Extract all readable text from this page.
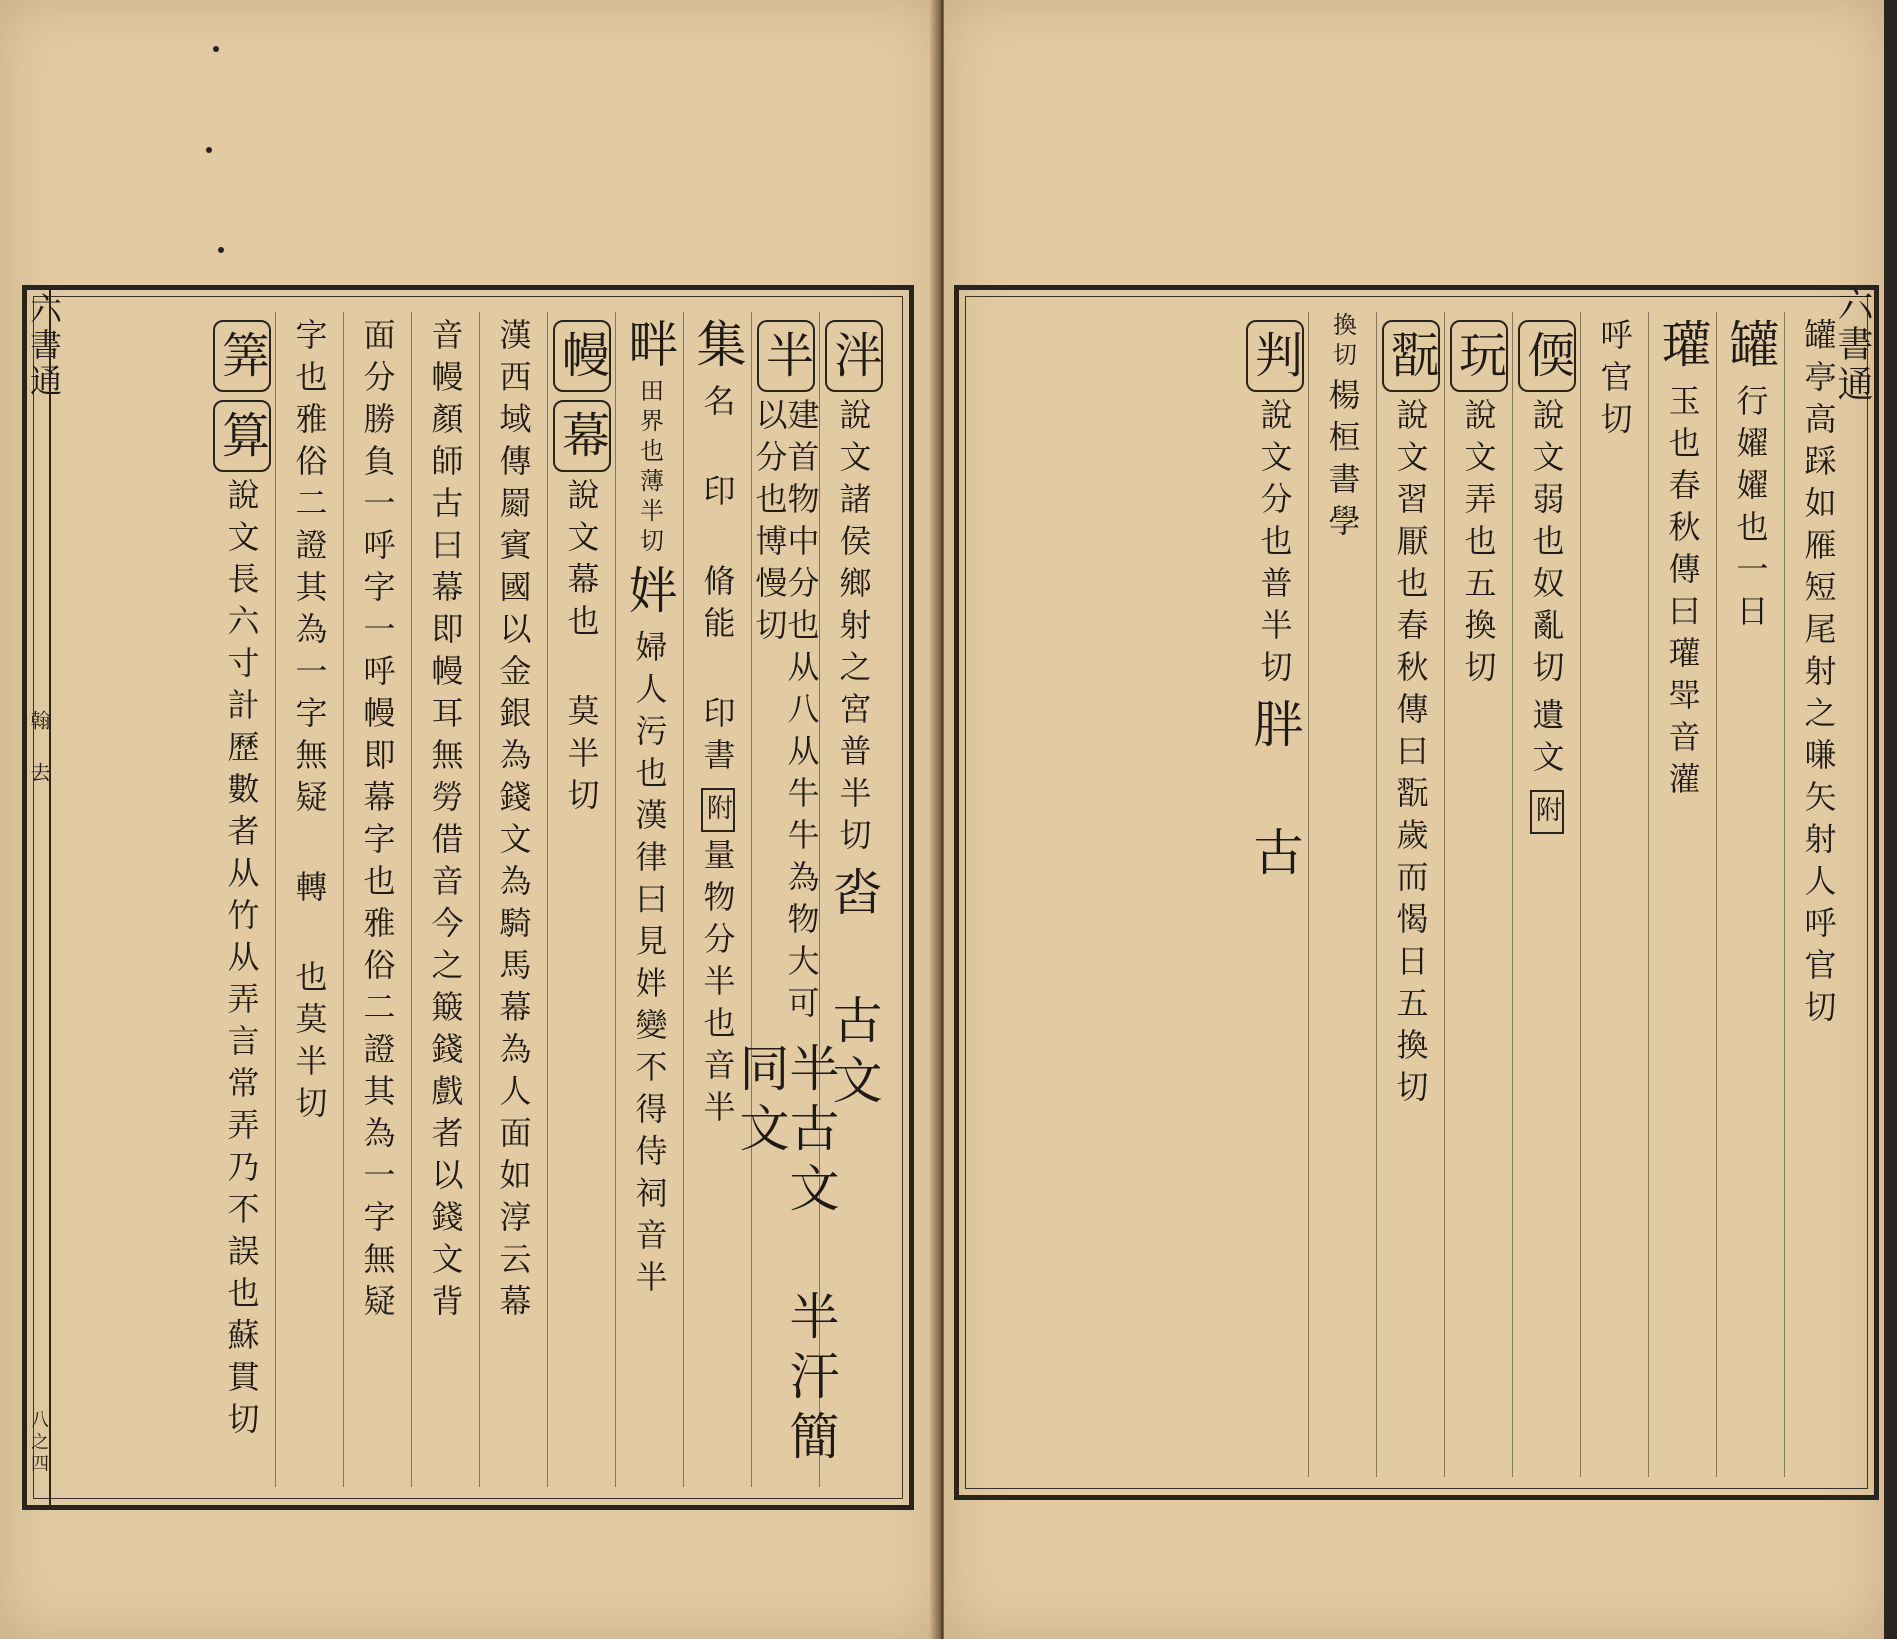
泮
說文諸侯鄉射之宮普半切
㳫 古文
半
建首物中分也从八从牛牛為物大可以分也博慢切
半古文 半汗簡 同文
集
名 印 脩能 印書
附
量物分半也音半
畔
田界也薄半切
姅
婦人污也漢律曰見姅變不得侍祠音半
幔
幕
說文幕也 莫半切
漢西域傳罽賓國以金銀為錢文為騎馬幕為人面如淳云幕
音幔顏師古曰幕即幔耳無勞借音今之簸錢戲者以錢文背
面分勝負一呼字一呼幔即幕字也雅俗二證其為一字無疑
字也雅俗二證其為一字無疑 轉 也莫半切
筭
算
說文長六寸計歷數者从竹从弄言常弄乃不誤也蘇貫切
六書通
翰 去
八之四
罐亭高踩如雁短尾射之嗛矢射人呼官切
罐
行嬥嬥也一日
瓘
玉也春秋傳曰瓘斝音灌
呼官切
偄
說文弱也奴亂切
遺文
附
玩
說文弄也五換切
翫
說文習厭也春秋傳曰翫歲而愒日五換切
換切
楊桓書學
判
說文分也普半切
胖 古
六書通
